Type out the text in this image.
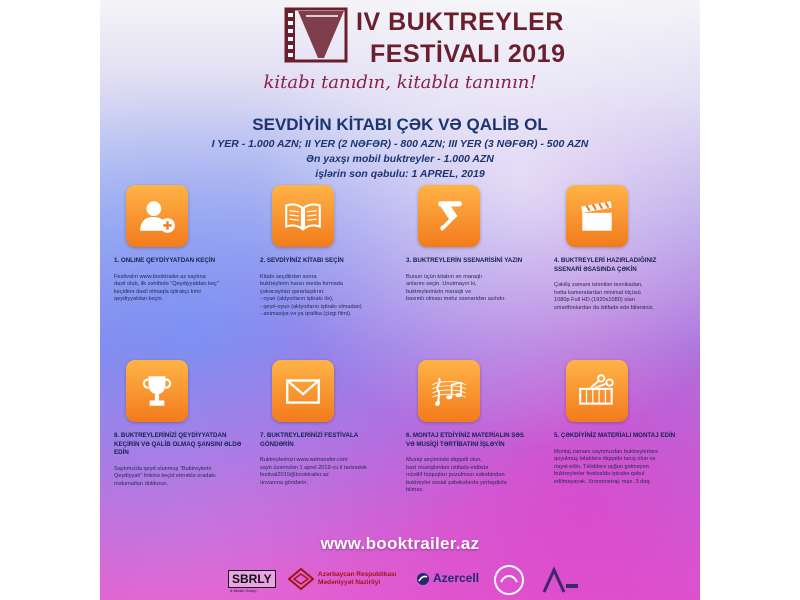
IV BUKTREYLER
FESTİVALI 2019
kitabı tanıdın, kitabla tanının!
SEVDİYİN KİTABI ÇƏK VƏ QALİB OL
I YER - 1.000 AZN; II YER (2 NƏFƏR) - 800 AZN; III YER (3 NƏFƏR) - 500 AZN
Ən yaxşı mobil buktreyler - 1.000 AZN
işlərin son qəbulu: 1 APREL, 2019
1. ONLINE QEYDİYYATDAN KEÇİN
Festivalın www.booktrailer.az saytına
daxil olub, ilk səhifədə "Qeydiyyatdan keç"
keçidinə daxil olmaqla iştirakçı kimi
qeydiyyatdan keçin.
2. SEVDİYİNİZ KİTABI SEÇİN
Kitabı seçdikdən sonra
buktreylerin hansı media formada
çəkəcəyinizi qərarlaşdırın:
- oyun (aktyorların iştirakı ilə),
- qeyri-oyun (aktyorların iştirakı olmadan)
- animasiya və ya qrafika (çizgi filmi).
3. BUKTREYLERİN SSENARİSİNİ YAZIN
Bunun üçün kitabın ən maraqlı
anlarını seçin. Unutmayın ki,
buktreylerinizin maraqlı və
baxımlı olması məhz ssenaridən asılıdır.
4. BUKTREYLERİ HAZIRLADIĞINIZ SSENARİ ƏSASINDA ÇƏKİN
Çəkiliş zamanı istənilən texnikadan,
hətta kameralardan minimal ölçüsü
1080p Full HD (1920x1080) olan
smartfonlardan da istifadə edə bilərsiniz.
8. BUKTREYLERİNİZİ QEYDİYYATDAN KEÇİRİN VƏ QALİB OLMAQ ŞANSINI ƏLDƏ EDİN
Saytımızda qeyd olunmuş "Buktreylerin
Qeydiyyatı" linkinə keçid etməklə oradakı
məlumatları doldurun.
7. BUKTREYLERİNİZİ FESTİVALA GÖNDƏRİN
Buktreylerinizi www.wetransfer.com
saytı üzərindən 1 aprel 2019-cu il tarixədək
festival2019@booktrailer.az
ünvanına göndərin.
6. MONTAJ ETDİYİNİZ MATERİALIN SƏS VƏ MUSİQİ TƏRTİBATINI İŞLƏYİN
Musiqi seçimində diqqətli olun,
bəzi musiqilərdən istifadə etdikdə
müəllif hüquqları pozulması səbəbindən
buktreyler sosial şəbəkələrdə yerləşdirilə
bilməz.
5. ÇƏKDİYİNİZ MATERİALI MONTAJ EDİN
Montaj zamanı saytımızdan buktreylerlərə
qoyulmuş tələblərə diqqətlə tanış olun və
riayət edin. Tələblərə uyğun gəlməyən
buktreylerlər festivalda iştirakə qəbul
edilməyəcək. Xronometraj: max. 3 dəq.
www.booktrailer.az
SBRLY
& Music Group
Azərbaycan Respublikası
Mədəniyyət Nazirliyi	Azercell
